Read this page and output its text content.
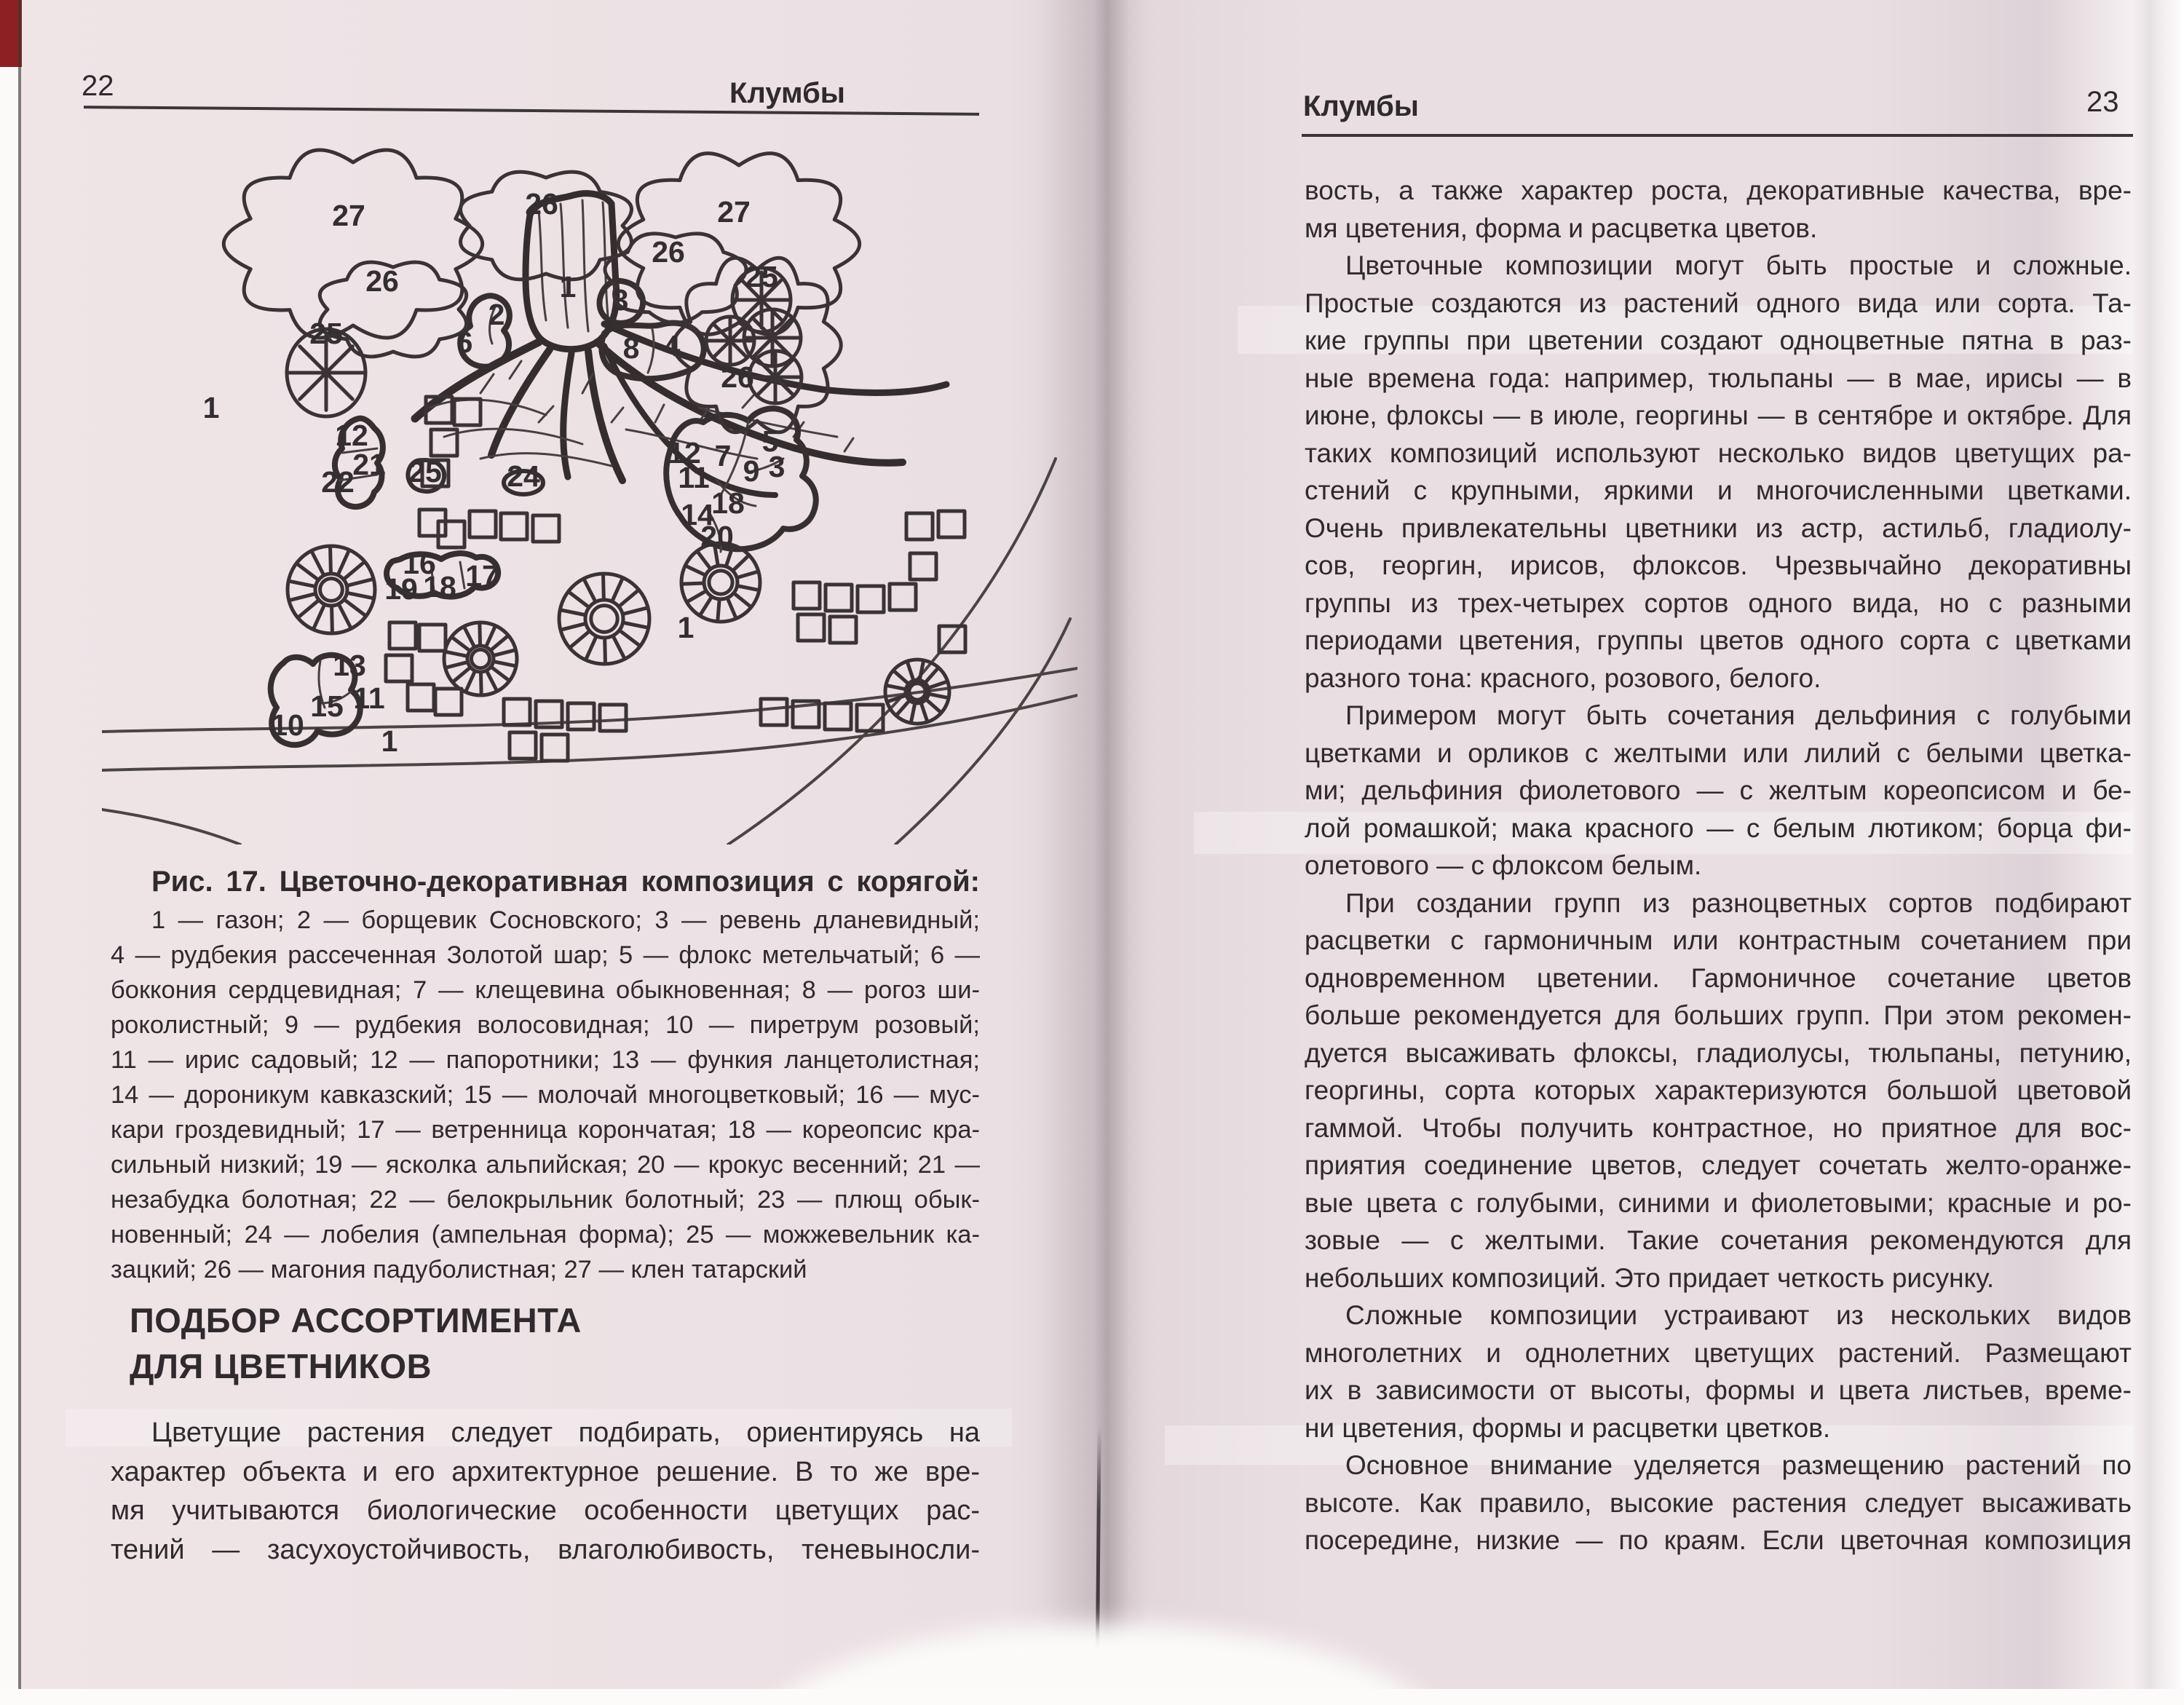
22	Клумбы
27	26	27
26
1
26
25
25
26
2
6
3
8 4
1
12
21
22 25 24
16
19 18 17
12 7 5
11 9 3
18
14
20
13
15 11
10
1
1
Рис. 17. Цветочно-декоративная композиция с корягой:
1 — газон; 2 — борщевик Сосновского; 3 — ревень дланевидный;
4 — рудбекия рассеченная Золотой шар; 5 — флокс метельчатый; 6 —
боккония сердцевидная; 7 — клещевина обыкновенная; 8 — рогоз ши-
роколистный; 9 — рудбекия волосовидная; 10 — пиретрум розовый;
11 — ирис садовый; 12 — папоротники; 13 — функия ланцетолистная;
14 — дороникум кавказский; 15 — молочай многоцветковый; 16 — мус-
кари гроздевидный; 17 — ветренница корончатая; 18 — кореопсис кра-
сильный низкий; 19 — ясколка альпийская; 20 — крокус весенний; 21 —
незабудка болотная; 22 — белокрыльник болотный; 23 — плющ обык-
новенный; 24 — лобелия (ампельная форма); 25 — можжевельник ка-
зацкий; 26 — магония падуболистная; 27 — клен татарский
ПОДБОР АССОРТИМЕНТА
ДЛЯ ЦВЕТНИКОВ
Цветущие растения следует подбирать, ориентируясь на
характер объекта и его архитектурное решение. В то же вре-
мя учитываются биологические особенности цветущих рас-
тений — засухоустойчивость, влаголюбивость, теневыносли-
Клумбы	23
вость, а также характер роста, декоративные качества, вре-
мя цветения, форма и расцветка цветов.
Цветочные композиции могут быть простые и сложные.
Простые создаются из растений одного вида или сорта. Та-
кие группы при цветении создают одноцветные пятна в раз-
ные времена года: например, тюльпаны — в мае, ирисы — в
июне, флоксы — в июле, георгины — в сентябре и октябре. Для
таких композиций используют несколько видов цветущих ра-
стений с крупными, яркими и многочисленными цветками.
Очень привлекательны цветники из астр, астильб, гладиолу-
сов, георгин, ирисов, флоксов. Чрезвычайно декоративны
группы из трех-четырех сортов одного вида, но с разными
периодами цветения, группы цветов одного сорта с цветками
разного тона: красного, розового, белого.
Примером могут быть сочетания дельфиния с голубыми
цветками и орликов с желтыми или лилий с белыми цветка-
ми; дельфиния фиолетового — с желтым кореопсисом и бе-
лой ромашкой; мака красного — с белым лютиком; борца фи-
олетового — с флоксом белым.
При создании групп из разноцветных сортов подбирают
расцветки с гармоничным или контрастным сочетанием при
одновременном цветении. Гармоничное сочетание цветов
больше рекомендуется для больших групп. При этом рекомен-
дуется высаживать флоксы, гладиолусы, тюльпаны, петунию,
георгины, сорта которых характеризуются большой цветовой
гаммой. Чтобы получить контрастное, но приятное для вос-
приятия соединение цветов, следует сочетать желто-оранже-
вые цвета с голубыми, синими и фиолетовыми; красные и ро-
зовые — с желтыми. Такие сочетания рекомендуются для
небольших композиций. Это придает четкость рисунку.
Сложные композиции устраивают из нескольких видов
многолетних и однолетних цветущих растений. Размещают
их в зависимости от высоты, формы и цвета листьев, време-
ни цветения, формы и расцветки цветков.
Основное внимание уделяется размещению растений по
высоте. Как правило, высокие растения следует высаживать
посередине, низкие — по краям. Если цветочная композиция
